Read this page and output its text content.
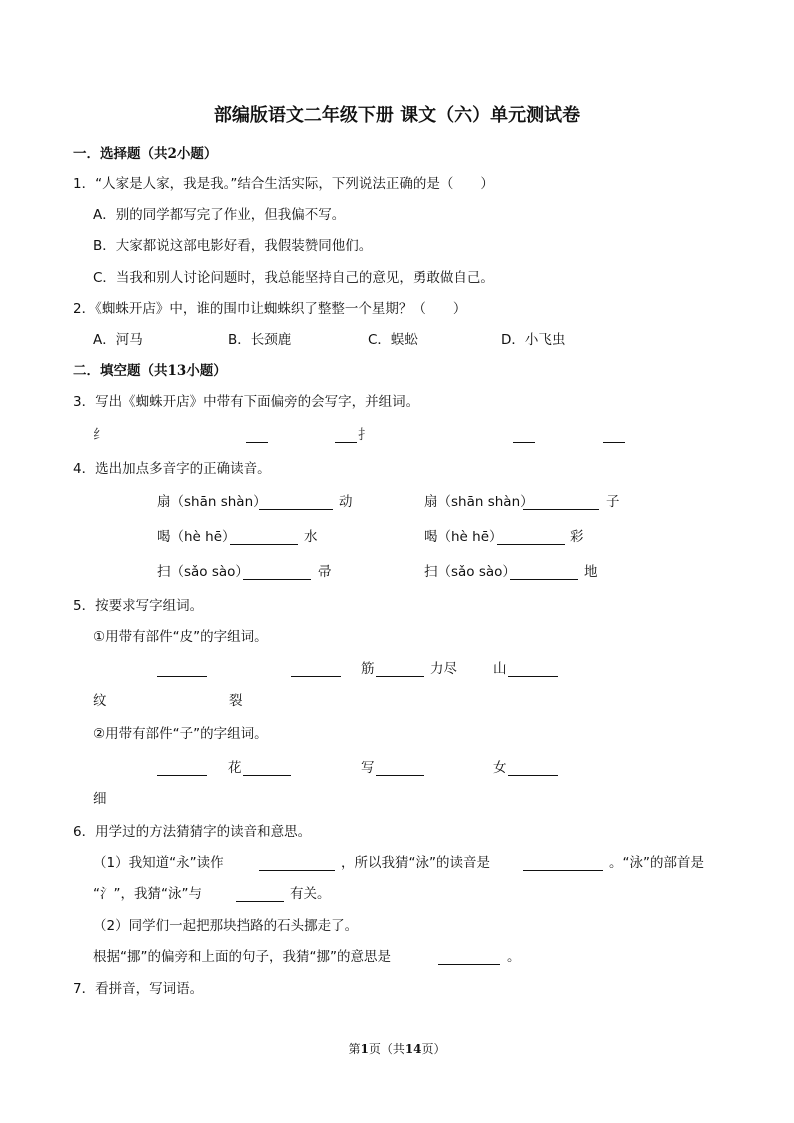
部编版语文二年级下册 课文（六）单元测试卷
一．选择题（共2小题）
1．“人家是人家，我是我。”结合生活实际，下列说法正确的是（　　）
A．别的同学都写完了作业，但我偏不写。
B．大家都说这部电影好看，我假装赞同他们。
C．当我和别人讨论问题时，我总能坚持自己的意见，勇敢做自己。
2．《蜘蛛开店》中，谁的围巾让蜘蛛织了整整一个星期？（　　）
A．河马	B．长颈鹿	C．蜈蚣	D．小飞虫
二．填空题（共13小题）
3．写出《蜘蛛开店》中带有下面偏旁的会写字，并组词。
纟	扌
4．选出加点多音字的正确读音。
扇（shān shàn）	动	扇（shān shàn）	子
喝（hè hē）	水	喝（hè hē）	彩
扫（sǎo sào）	帚	扫（sǎo sào）	地
5．按要求写字组词。
①用带有部件“皮”的字组词。
筋	力尽	山
纹	裂
②用带有部件“子”的字组词。
花	写	女
细
6．用学过的方法猜猜字的读音和意思。
（1）我知道“永”读作	，所以我猜“泳”的读音是	。“泳”的部首是
“氵”，我猜“泳”与	有关。
（2）同学们一起把那块挡路的石头挪走了。
根据“挪”的偏旁和上面的句子，我猜“挪”的意思是	。
7．看拼音，写词语。
第1页（共14页）
